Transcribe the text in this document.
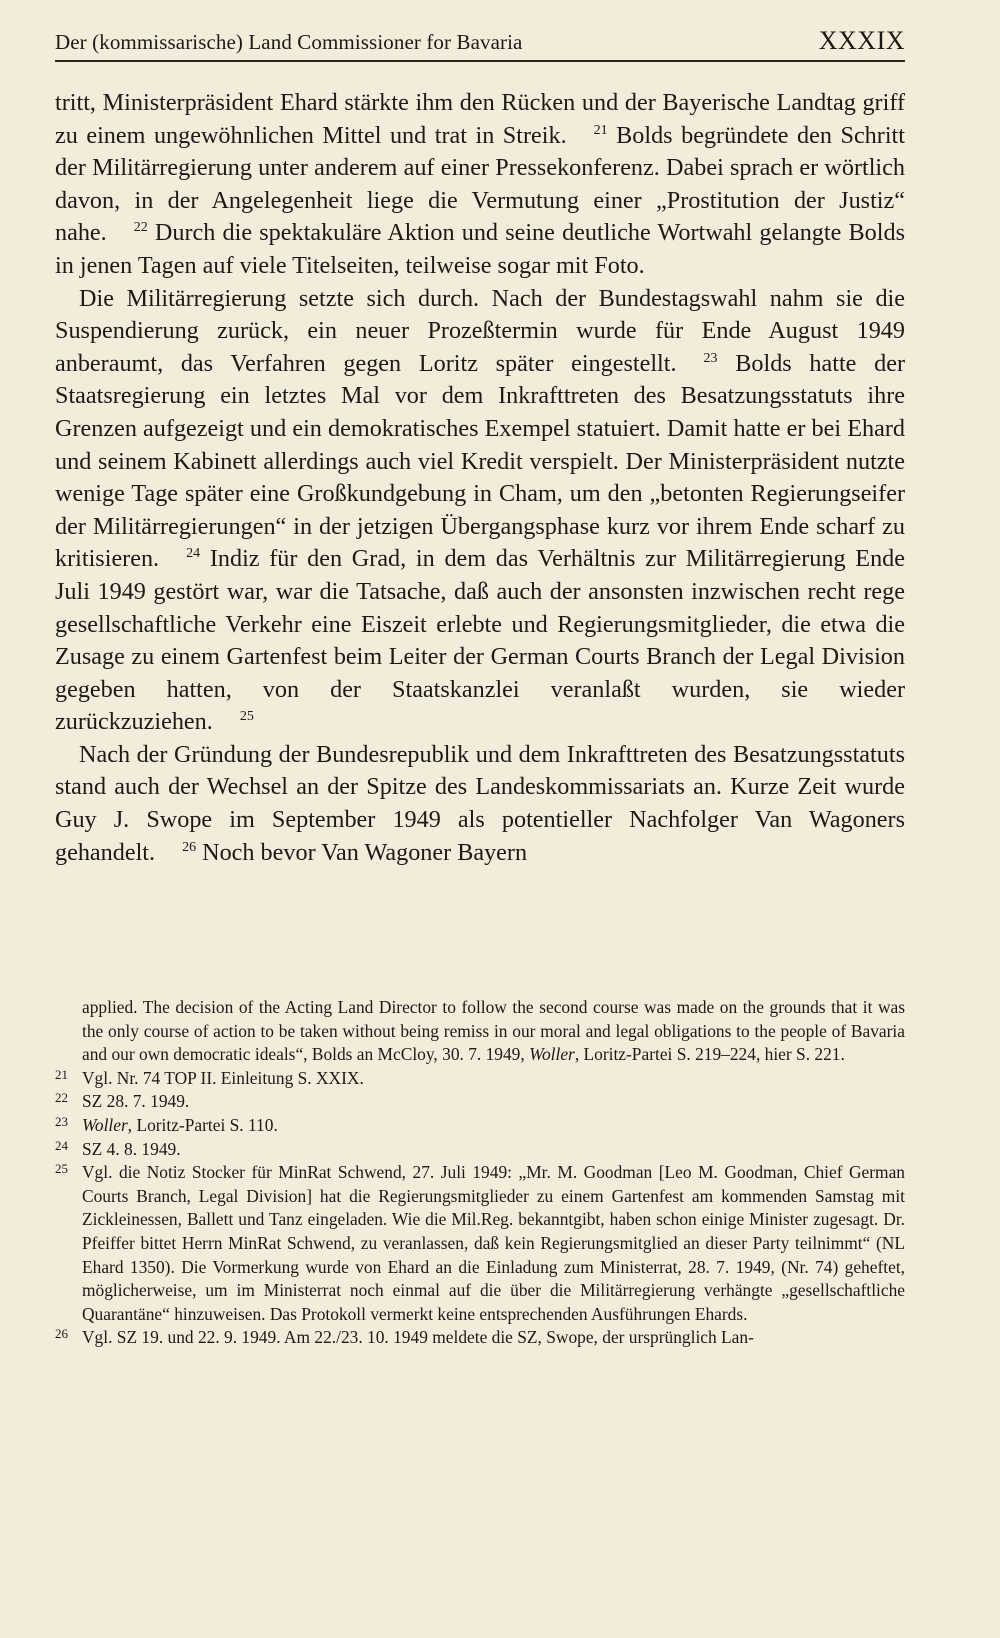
Der (kommissarische) Land Commissioner for Bavaria	XXXIX

tritt, Ministerpräsident Ehard stärkte ihm den Rücken und der Bayerische Landtag griff zu einem ungewöhnlichen Mittel und trat in Streik. $^{21}$ Bolds begründete den Schritt der Militärregierung unter anderem auf einer Pressekonferenz. Dabei sprach er wörtlich davon, in der Angelegenheit liege die Vermutung einer „Prostitution der Justiz“ nahe. $^{22}$ Durch die spektakuläre Aktion und seine deutliche Wortwahl gelangte Bolds in jenen Tagen auf viele Titelseiten, teilweise sogar mit Foto.

Die Militärregierung setzte sich durch. Nach der Bundestagswahl nahm sie die Suspendierung zurück, ein neuer Prozeßtermin wurde für Ende August 1949 anberaumt, das Verfahren gegen Loritz später eingestellt. $^{23}$ Bolds hatte der Staatsregierung ein letztes Mal vor dem Inkrafttreten des Besatzungsstatuts ihre Grenzen aufgezeigt und ein demokratisches Exempel statuiert. Damit hatte er bei Ehard und seinem Kabinett allerdings auch viel Kredit verspielt. Der Ministerpräsident nutzte wenige Tage später eine Großkundgebung in Cham, um den „betonten Regierungseifer der Militärregierungen“ in der jetzigen Übergangsphase kurz vor ihrem Ende scharf zu kritisieren. $^{24}$ Indiz für den Grad, in dem das Verhältnis zur Militärregierung Ende Juli 1949 gestört war, war die Tatsache, daß auch der ansonsten inzwischen recht rege gesellschaftliche Verkehr eine Eiszeit erlebte und Regierungsmitglieder, die etwa die Zusage zu einem Gartenfest beim Leiter der German Courts Branch der Legal Division gegeben hatten, von der Staatskanzlei veranlaßt wurden, sie wieder zurückzuziehen. $^{25}$

Nach der Gründung der Bundesrepublik und dem Inkrafttreten des Besatzungsstatuts stand auch der Wechsel an der Spitze des Landeskommissariats an. Kurze Zeit wurde Guy J. Swope im September 1949 als potentieller Nachfolger Van Wagoners gehandelt. $^{26}$ Noch bevor Van Wagoner Bayern

applied. The decision of the Acting Land Director to follow the second course was made on the grounds that it was the only course of action to be taken without being remiss in our moral and legal obligations to the people of Bavaria and our own democratic ideals“, Bolds an McCloy, 30. 7. 1949, Woller, Loritz-Partei S. 219–224, hier S. 221.

21 Vgl. Nr. 74 TOP II. Einleitung S. XXIX.

22 SZ 28. 7. 1949.

23 Woller, Loritz-Partei S. 110.

24 SZ 4. 8. 1949.

25 Vgl. die Notiz Stocker für MinRat Schwend, 27. Juli 1949: „Mr. M. Goodman [Leo M. Goodman, Chief German Courts Branch, Legal Division] hat die Regierungsmitglieder zu einem Gartenfest am kommenden Samstag mit Zickleinessen, Ballett und Tanz eingeladen. Wie die Mil.Reg. bekanntgibt, haben schon einige Minister zugesagt. Dr. Pfeiffer bittet Herrn MinRat Schwend, zu veranlassen, daß kein Regierungsmitglied an dieser Party teilnimmt“ (NL Ehard 1350). Die Vormerkung wurde von Ehard an die Einladung zum Ministerrat, 28. 7. 1949, (Nr. 74) geheftet, möglicherweise, um im Ministerrat noch einmal auf die über die Militärregierung verhängte „gesellschaftliche Quarantäne“ hinzuweisen. Das Protokoll vermerkt keine entsprechenden Ausführungen Ehards.

26 Vgl. SZ 19. und 22. 9. 1949. Am 22./23. 10. 1949 meldete die SZ, Swope, der ursprünglich Lan-
